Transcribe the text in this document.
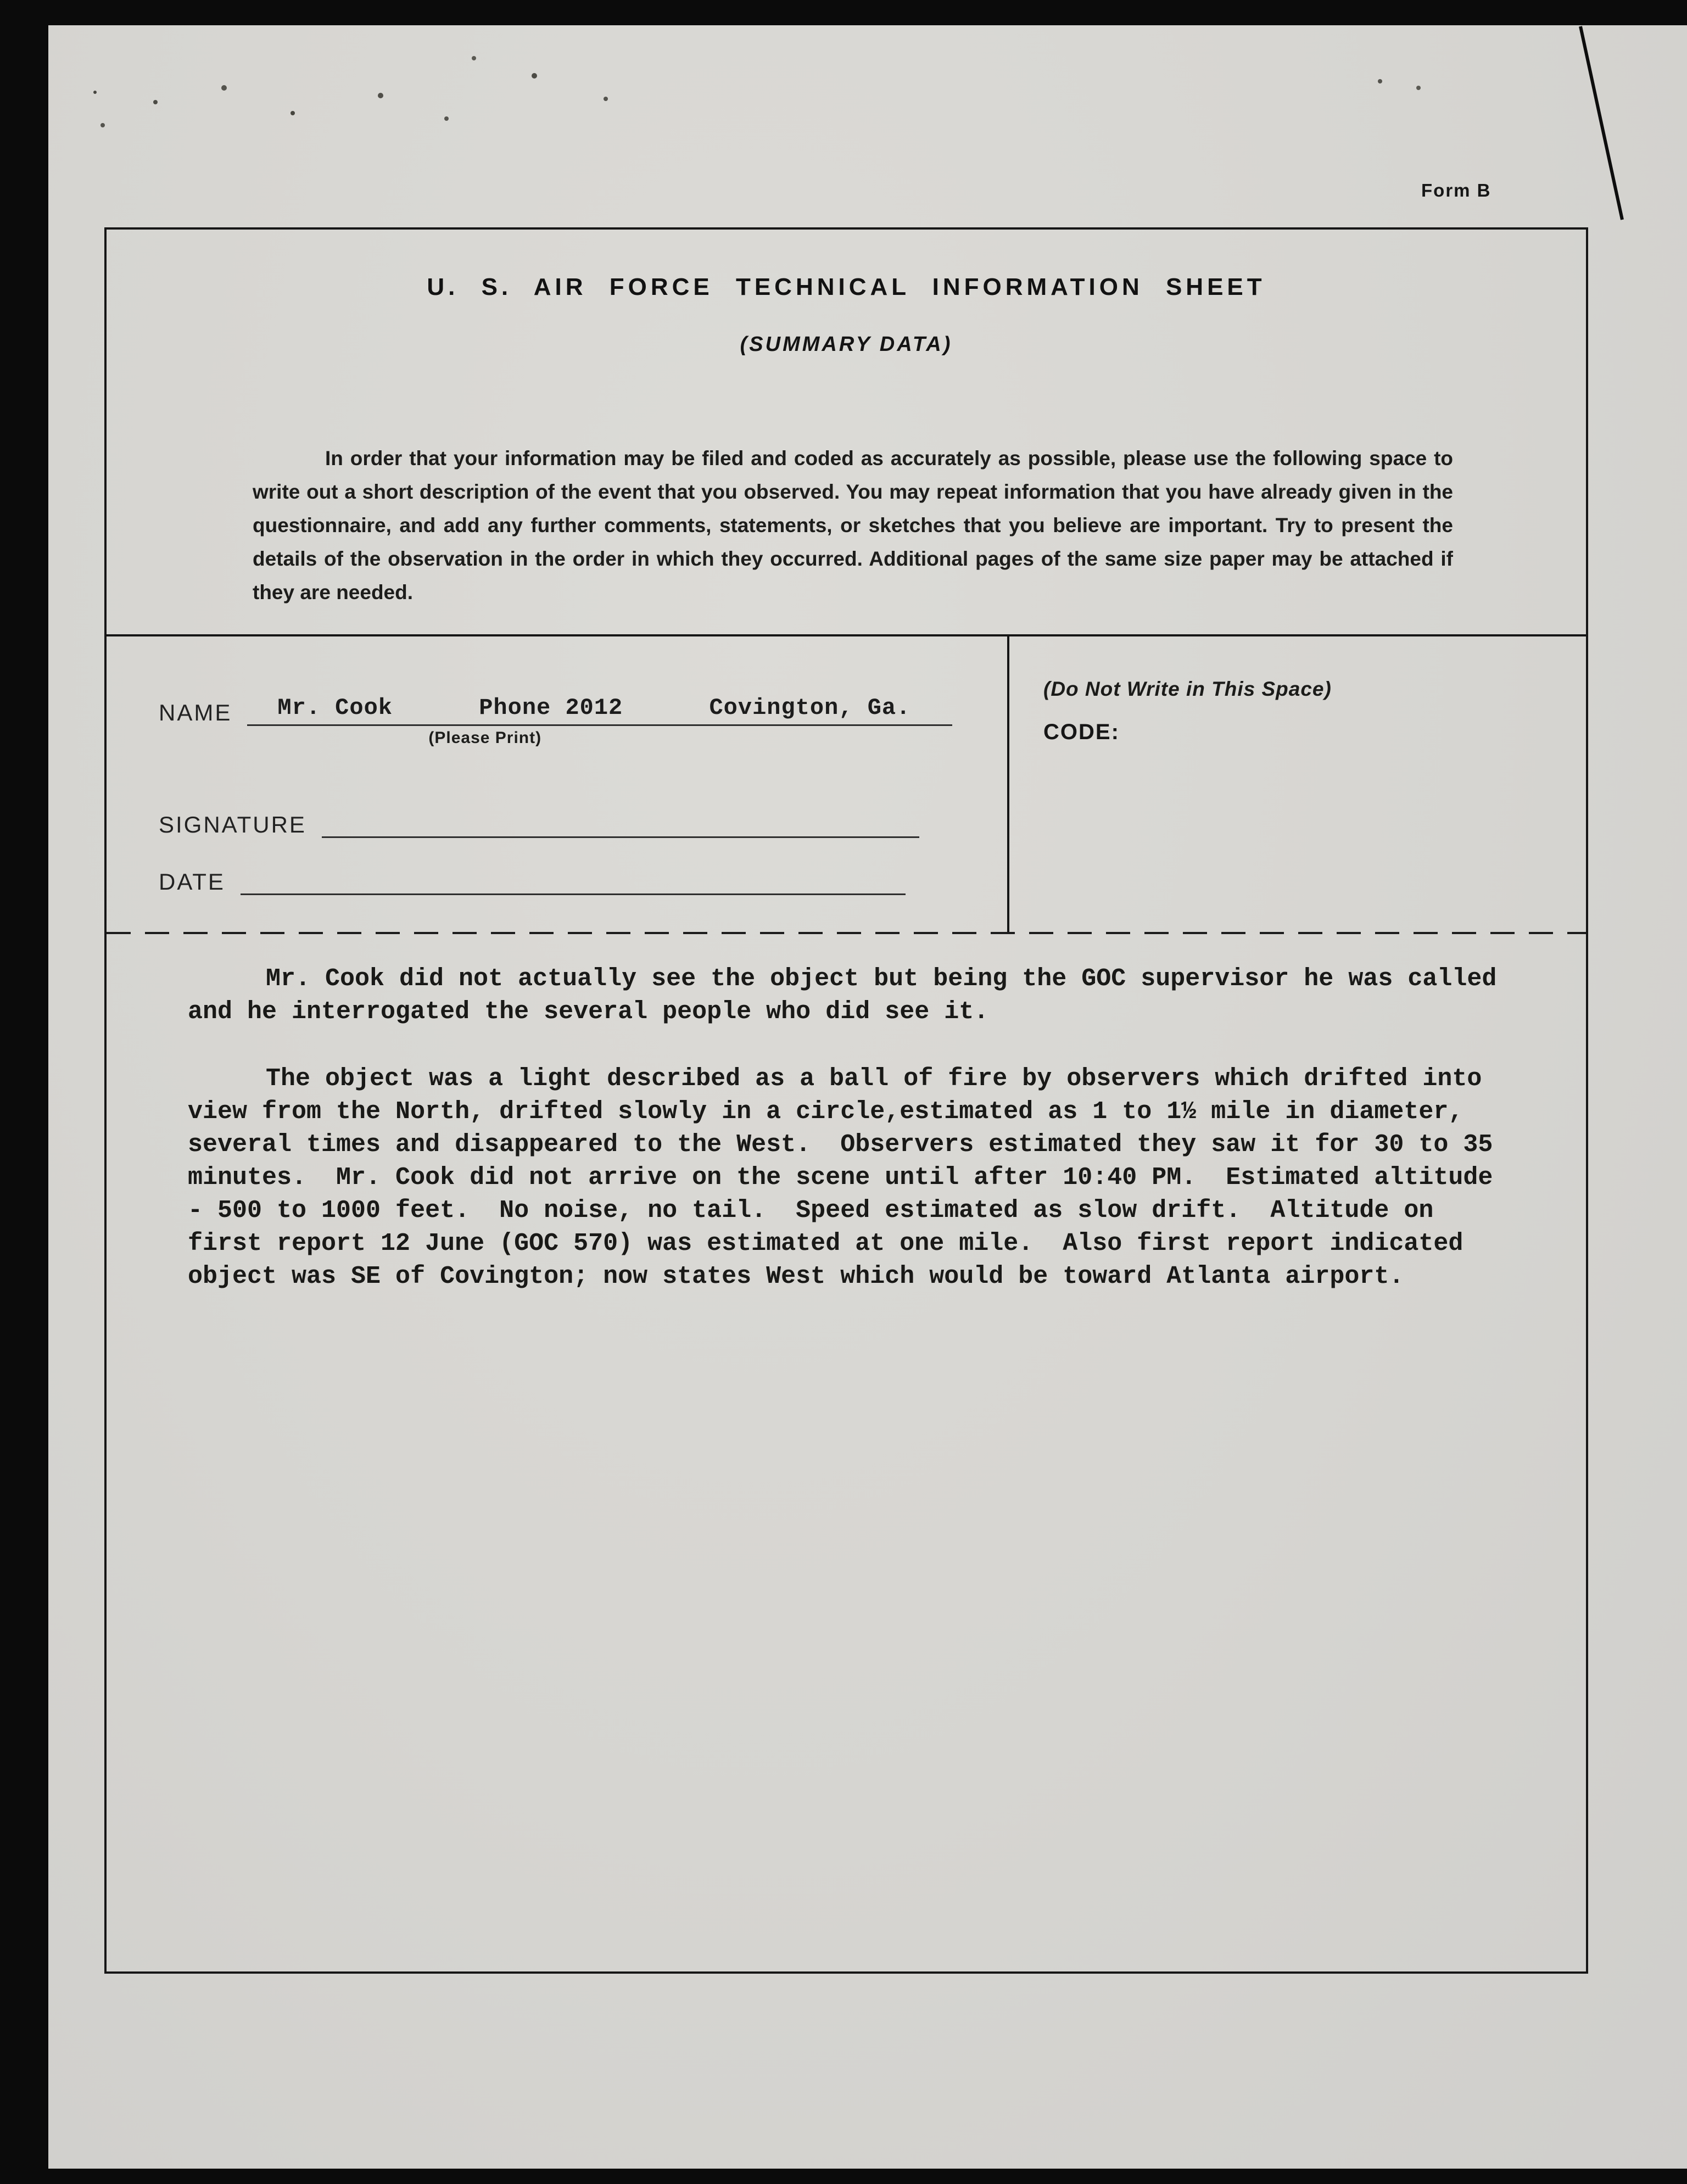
Form B
U. S. AIR FORCE TECHNICAL INFORMATION SHEET
(SUMMARY DATA)
In order that your information may be filed and coded as accurately as possible, please use the following space to write out a short description of the event that you observed. You may repeat information that you have already given in the questionnaire, and add any further comments, statements, or sketches that you believe are important. Try to present the details of the observation in the order in which they occurred. Additional pages of the same size paper may be attached if they are needed.
NAME Mr. Cook      Phone 2012      Covington, Ga.
(Please Print)
SIGNATURE
DATE
(Do Not Write in This Space)
CODE:

Mr. Cook did not actually see the object but being the GOC supervisor he was called and he interrogated the several people who did see it.

The object was a light described as a ball of fire by observers which drifted into view from the North, drifted slowly in a circle,estimated as 1 to 1½ mile in diameter, several times and disappeared to the West.  Observers estimated they saw it for 30 to 35 minutes.  Mr. Cook did not arrive on the scene until after 10:40 PM.  Estimated altitude - 500 to 1000 feet.  No noise, no tail.  Speed estimated as slow drift.  Altitude on first report 12 June (GOC 570) was estimated at one mile.  Also first report indicated object was SE of Covington; now states West which would be toward Atlanta airport.
